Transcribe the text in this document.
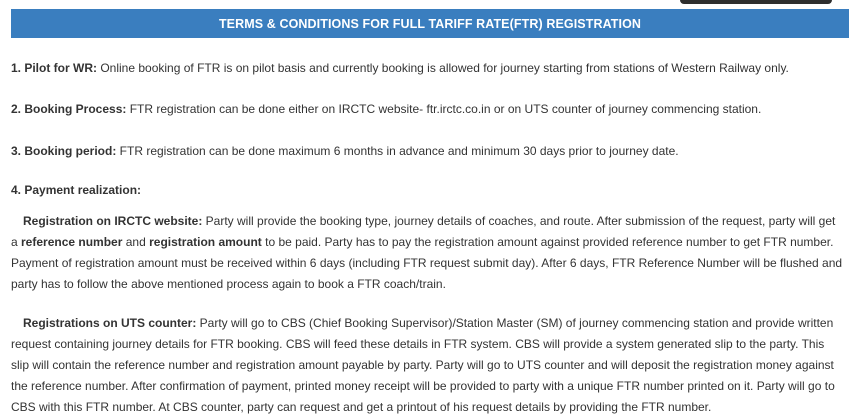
TERMS & CONDITIONS FOR FULL TARIFF RATE(FTR) REGISTRATION

1. Pilot for WR: Online booking of FTR is on pilot basis and currently booking is allowed for journey starting from stations of Western Railway only.

2. Booking Process: FTR registration can be done either on IRCTC website- ftr.irctc.co.in or on UTS counter of journey commencing station.

3. Booking period: FTR registration can be done maximum 6 months in advance and minimum 30 days prior to journey date.

4. Payment realization:

Registration on IRCTC website: Party will provide the booking type, journey details of coaches, and route. After submission of the request, party will get a reference number and registration amount to be paid. Party has to pay the registration amount against provided reference number to get FTR number. Payment of registration amount must be received within 6 days (including FTR request submit day). After 6 days, FTR Reference Number will be flushed and party has to follow the above mentioned process again to book a FTR coach/train.

Registrations on UTS counter: Party will go to CBS (Chief Booking Supervisor)/Station Master (SM) of journey commencing station and provide written request containing journey details for FTR booking. CBS will feed these details in FTR system. CBS will provide a system generated slip to the party. This slip will contain the reference number and registration amount payable by party. Party will go to UTS counter and will deposit the registration money against the reference number. After confirmation of payment, printed money receipt will be provided to party with a unique FTR number printed on it. Party will go to CBS with this FTR number. At CBS counter, party can request and get a printout of his request details by providing the FTR number.
